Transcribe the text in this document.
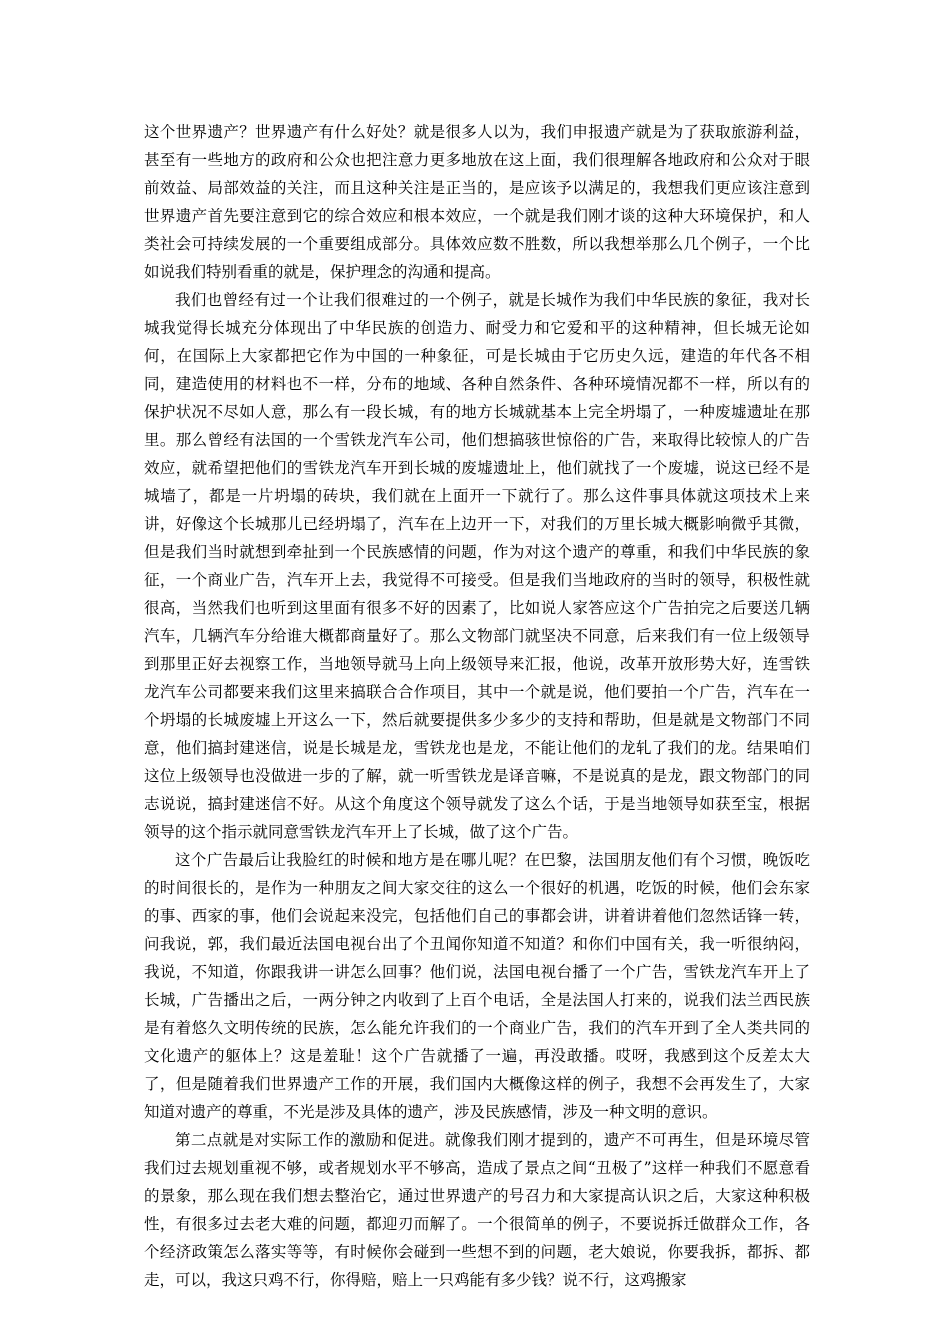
这个世界遗产？世界遗产有什么好处？就是很多人以为，我们申报遗产就是为了获取旅游利益，甚至有一些地方的政府和公众也把注意力更多地放在这上面，我们很理解各地政府和公众对于眼前效益、局部效益的关注，而且这种关注是正当的，是应该予以满足的，我想我们更应该注意到世界遗产首先要注意到它的综合效应和根本效应，一个就是我们刚才谈的这种大环境保护，和人类社会可持续发展的一个重要组成部分。具体效应数不胜数，所以我想举那么几个例子，一个比如说我们特别看重的就是，保护理念的沟通和提高。

我们也曾经有过一个让我们很难过的一个例子，就是长城作为我们中华民族的象征，我对长城我觉得长城充分体现出了中华民族的创造力、耐受力和它爱和平的这种精神，但长城无论如何，在国际上大家都把它作为中国的一种象征，可是长城由于它历史久远，建造的年代各不相同，建造使用的材料也不一样，分布的地域、各种自然条件、各种环境情况都不一样，所以有的保护状况不尽如人意，那么有一段长城，有的地方长城就基本上完全坍塌了，一种废墟遗址在那里。那么曾经有法国的一个雪铁龙汽车公司，他们想搞骇世惊俗的广告，来取得比较惊人的广告效应，就希望把他们的雪铁龙汽车开到长城的废墟遗址上，他们就找了一个废墟，说这已经不是城墙了，都是一片坍塌的砖块，我们就在上面开一下就行了。那么这件事具体就这项技术上来讲，好像这个长城那儿已经坍塌了，汽车在上边开一下，对我们的万里长城大概影响微乎其微，但是我们当时就想到牵扯到一个民族感情的问题，作为对这个遗产的尊重，和我们中华民族的象征，一个商业广告，汽车开上去，我觉得不可接受。但是我们当地政府的当时的领导，积极性就很高，当然我们也听到这里面有很多不好的因素了，比如说人家答应这个广告拍完之后要送几辆汽车，几辆汽车分给谁大概都商量好了。那么文物部门就坚决不同意，后来我们有一位上级领导到那里正好去视察工作，当地领导就马上向上级领导来汇报，他说，改革开放形势大好，连雪铁龙汽车公司都要来我们这里来搞联合合作项目，其中一个就是说，他们要拍一个广告，汽车在一个坍塌的长城废墟上开这么一下，然后就要提供多少多少的支持和帮助，但是就是文物部门不同意，他们搞封建迷信，说是长城是龙，雪铁龙也是龙，不能让他们的龙轧了我们的龙。结果咱们这位上级领导也没做进一步的了解，就一听雪铁龙是译音嘛，不是说真的是龙，跟文物部门的同志说说，搞封建迷信不好。从这个角度这个领导就发了这么个话，于是当地领导如获至宝，根据领导的这个指示就同意雪铁龙汽车开上了长城，做了这个广告。

这个广告最后让我脸红的时候和地方是在哪儿呢？在巴黎，法国朋友他们有个习惯，晚饭吃的时间很长的，是作为一种朋友之间大家交往的这么一个很好的机遇，吃饭的时候，他们会东家的事、西家的事，他们会说起来没完，包括他们自己的事都会讲，讲着讲着他们忽然话锋一转，问我说，郭，我们最近法国电视台出了个丑闻你知道不知道？和你们中国有关，我一听很纳闷，我说，不知道，你跟我讲一讲怎么回事？他们说，法国电视台播了一个广告，雪铁龙汽车开上了长城，广告播出之后，一两分钟之内收到了上百个电话，全是法国人打来的，说我们法兰西民族是有着悠久文明传统的民族，怎么能允许我们的一个商业广告，我们的汽车开到了全人类共同的文化遗产的躯体上？这是羞耻！这个广告就播了一遍，再没敢播。哎呀，我感到这个反差太大了，但是随着我们世界遗产工作的开展，我们国内大概像这样的例子，我想不会再发生了，大家知道对遗产的尊重，不光是涉及具体的遗产，涉及民族感情，涉及一种文明的意识。

第二点就是对实际工作的激励和促进。就像我们刚才提到的，遗产不可再生，但是环境尽管我们过去规划重视不够，或者规划水平不够高，造成了景点之间“丑极了”这样一种我们不愿意看的景象，那么现在我们想去整治它，通过世界遗产的号召力和大家提高认识之后，大家这种积极性，有很多过去老大难的问题，都迎刃而解了。一个很简单的例子，不要说拆迁做群众工作，各个经济政策怎么落实等等，有时候你会碰到一些想不到的问题，老大娘说，你要我拆，都拆、都走，可以，我这只鸡不行，你得赔，赔上一只鸡能有多少钱？说不行，这鸡搬家
